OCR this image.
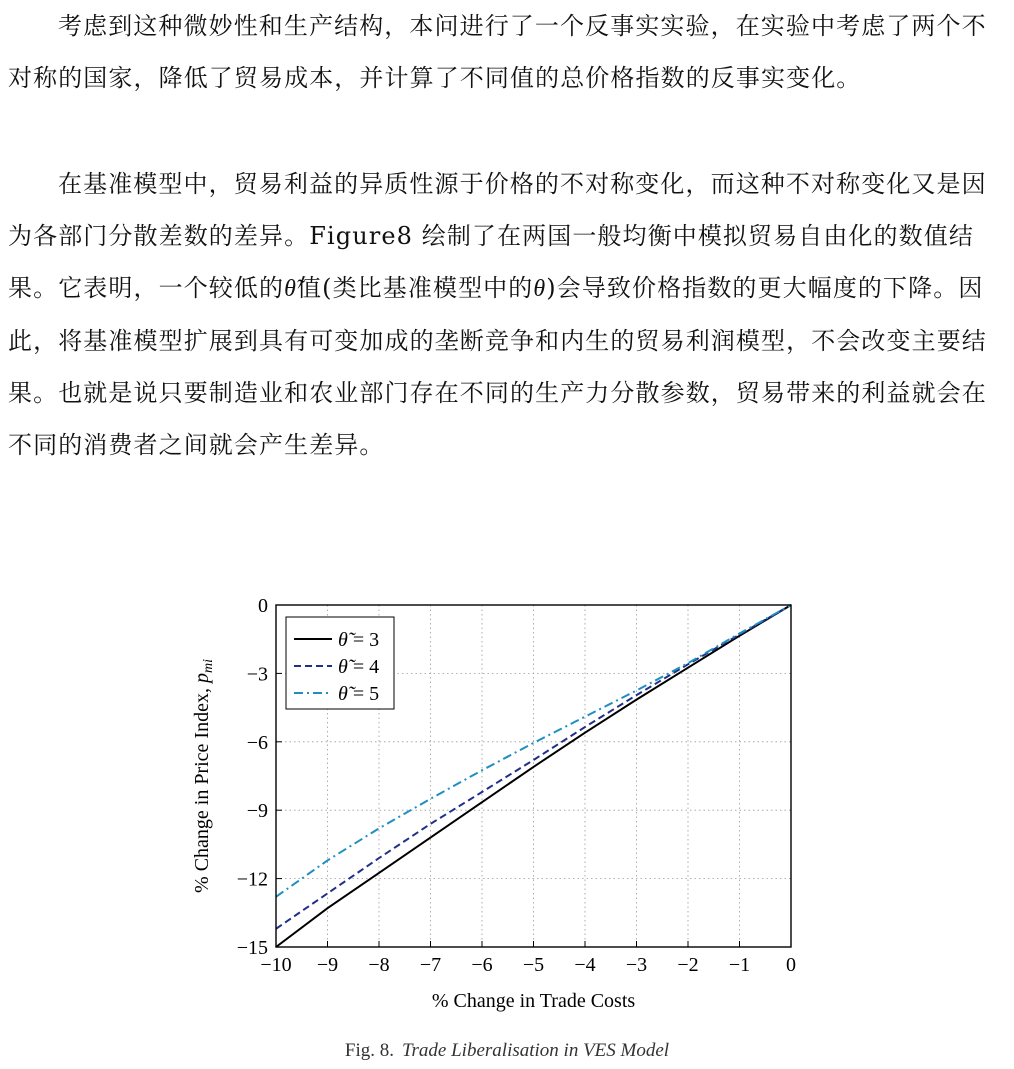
考虑到这种微妙性和生产结构，本问进行了一个反事实实验，在实验中考虑了两个不对称的国家，降低了贸易成本，并计算了不同值的总价格指数的反事实变化。

在基准模型中，贸易利益的异质性源于价格的不对称变化，而这种不对称变化又是因为各部门分散差数的差异。Figure8 绘制了在两国一般均衡中模拟贸易自由化的数值结果。它表明，一个较低的θ̃值(类比基准模型中的θ)会导致价格指数的更大幅度的下降。因此，将基准模型扩展到具有可变加成的垄断竞争和内生的贸易利润模型，不会改变主要结果。也就是说只要制造业和农业部门存在不同的生产力分散参数，贸易带来的利益就会在不同的消费者之间就会产生差异。

−10 −9 −8 −7 −6 −5 −4 −3 −2 −1 0
0
−3
−6
−9
−12
−15
θ̃ = 3
θ̃ = 4
θ̃ = 5
% Change in Trade Costs
% Change in Price Index, $p_{mi}$
Fig. 8. Trade Liberalisation in VES Model
